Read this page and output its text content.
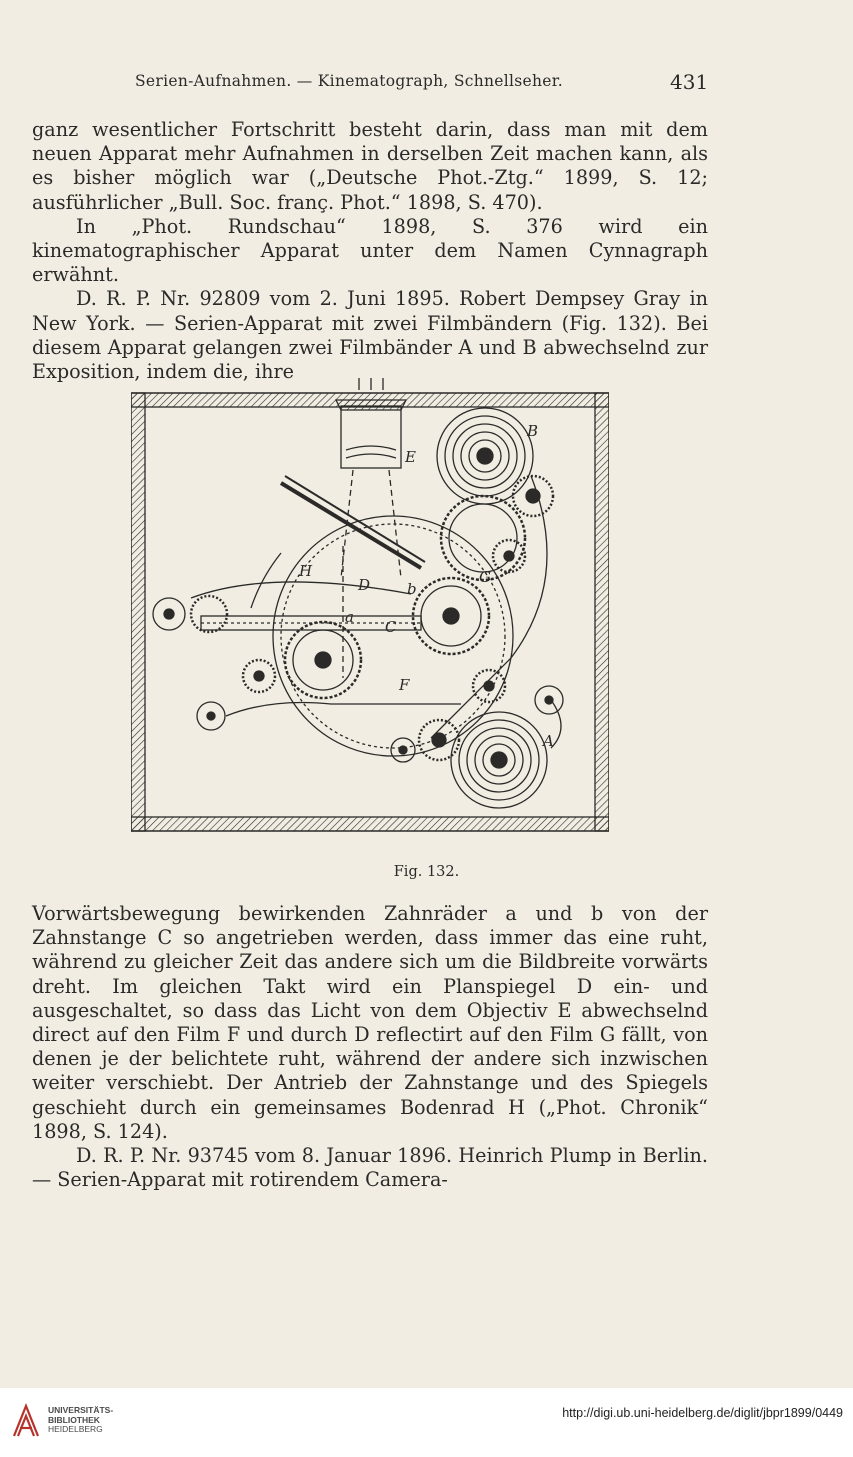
Serien-Aufnahmen. — Kinematograph, Schnellseher.	431

ganz wesentlicher Fortschritt besteht darin, dass man mit dem neuen Apparat mehr Aufnahmen in derselben Zeit machen kann, als es bisher möglich war („Deutsche Phot.-Ztg.“ 1899, S. 12; ausführlicher „Bull. Soc. franç. Phot.“ 1898, S. 470).

In „Phot. Rundschau“ 1898, S. 376 wird ein kinematographischer Apparat unter dem Namen Cynnagraph erwähnt.

D. R. P. Nr. 92809 vom 2. Juni 1895. Robert Dempsey Gray in New York. — Serien-Apparat mit zwei Filmbändern (Fig. 132). Bei diesem Apparat gelangen zwei Filmbänder A und B abwechselnd zur Exposition, indem die, ihre

B
A
E
D
H	G
b
a
C
F
Fig. 132.

Vorwärtsbewegung bewirkenden Zahnräder a und b von der Zahnstange C so angetrieben werden, dass immer das eine ruht, während zu gleicher Zeit das andere sich um die Bildbreite vorwärts dreht. Im gleichen Takt wird ein Planspiegel D ein- und ausgeschaltet, so dass das Licht von dem Objectiv E abwechselnd direct auf den Film F und durch D reflectirt auf den Film G fällt, von denen je der belichtete ruht, während der andere sich inzwischen weiter verschiebt. Der Antrieb der Zahnstange und des Spiegels geschieht durch ein gemeinsames Bodenrad H („Phot. Chronik“ 1898, S. 124).

D. R. P. Nr. 93745 vom 8. Januar 1896. Heinrich Plump in Berlin. — Serien-Apparat mit rotirendem Camera-

UNIVERSITÄTS-
BIBLIOTHEK
HEIDELBERG
http://digi.ub.uni-heidelberg.de/diglit/jbpr1899/0449
